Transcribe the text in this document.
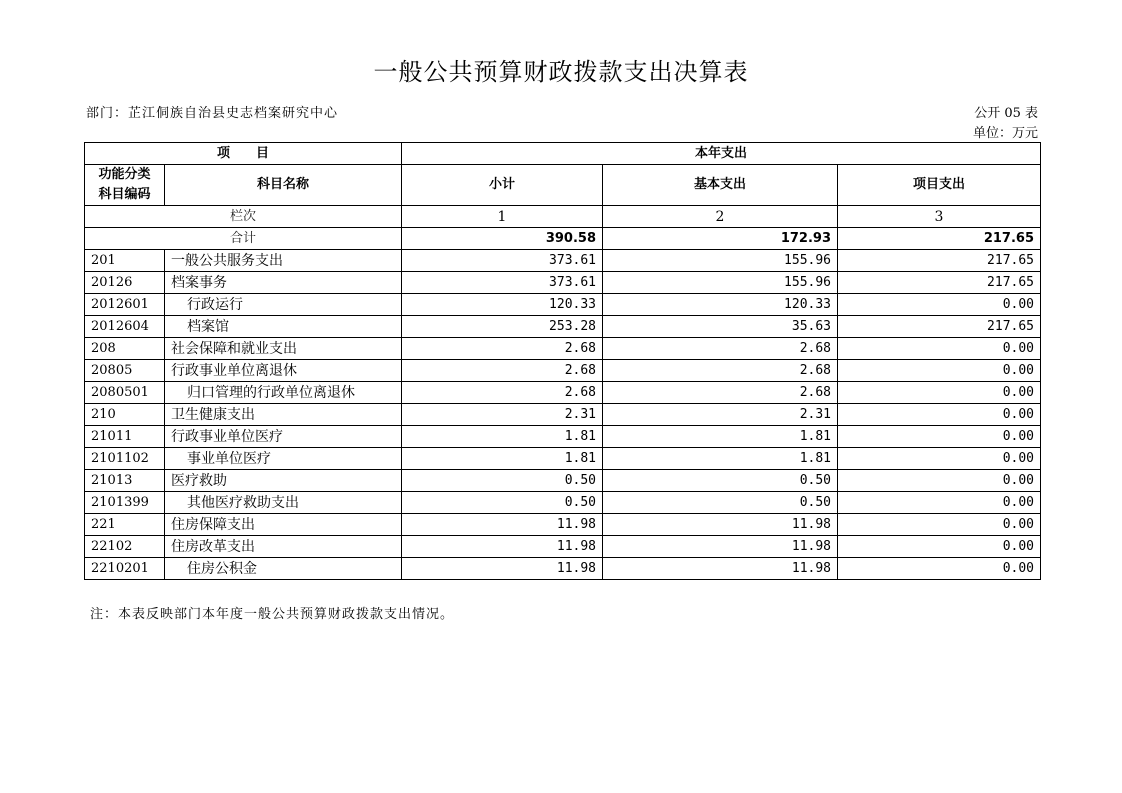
一般公共预算财政拨款支出决算表
部门：芷江侗族自治县史志档案研究中心	公开 05 表
单位：万元
项　　目		本年支出		

功能分类
科目编码	科目名称	小计	基本支出	项目支出
栏次		1	2	3
合计		390.58	172.93	217.65
201	一般公共服务支出	373.61	155.96	217.65
20126	档案事务	373.61	155.96	217.65
2012601	行政运行	120.33	120.33	0.00
2012604	档案馆	253.28	35.63	217.65
208	社会保障和就业支出	2.68	2.68	0.00
20805	行政事业单位离退休	2.68	2.68	0.00
2080501	归口管理的行政单位离退休	2.68	2.68	0.00
210	卫生健康支出	2.31	2.31	0.00
21011	行政事业单位医疗	1.81	1.81	0.00
2101102	事业单位医疗	1.81	1.81	0.00
21013	医疗救助	0.50	0.50	0.00
2101399	其他医疗救助支出	0.50	0.50	0.00
221	住房保障支出	11.98	11.98	0.00
22102	住房改革支出	11.98	11.98	0.00
2210201	住房公积金	11.98	11.98	0.00
注：本表反映部门本年度一般公共预算财政拨款支出情况。
